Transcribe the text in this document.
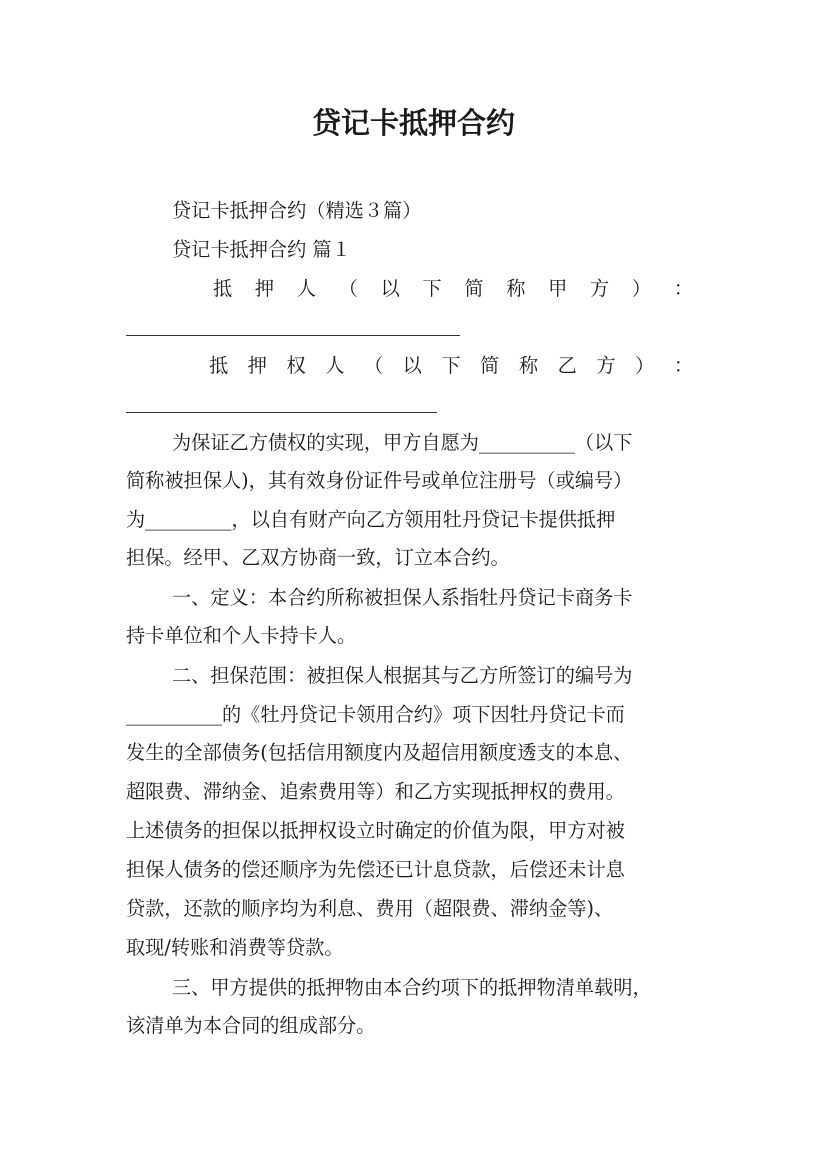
贷记卡抵押合约

贷记卡抵押合约（精选３篇）

贷记卡抵押合约 篇１

抵 押 人 （ 以 下 简 称 甲 方 ） ：
抵 押 权 人 （ 以 下 简 称 乙 方 ） ：

为保证乙方债权的实现，甲方自愿为__________（以下

简称被担保人)，其有效身份证件号或单位注册号（或编号）

为_________，以自有财产向乙方领用牡丹贷记卡提供抵押

担保。经甲、乙双方协商一致，订立本合约。

一、定义：本合约所称被担保人系指牡丹贷记卡商务卡

持卡单位和个人卡持卡人。

二、担保范围：被担保人根据其与乙方所签订的编号为

__________的《牡丹贷记卡领用合约》项下因牡丹贷记卡而

发生的全部债务(包括信用额度内及超信用额度透支的本息、

超限费、滞纳金、追索费用等）和乙方实现抵押权的费用。

上述债务的担保以抵押权设立时确定的价值为限，甲方对被

担保人债务的偿还顺序为先偿还已计息贷款，后偿还未计息

贷款，还款的顺序均为利息、费用（超限费、滞纳金等)、

取现/转账和消费等贷款。

三、甲方提供的抵押物由本合约项下的抵押物清单载明，

该清单为本合同的组成部分。
